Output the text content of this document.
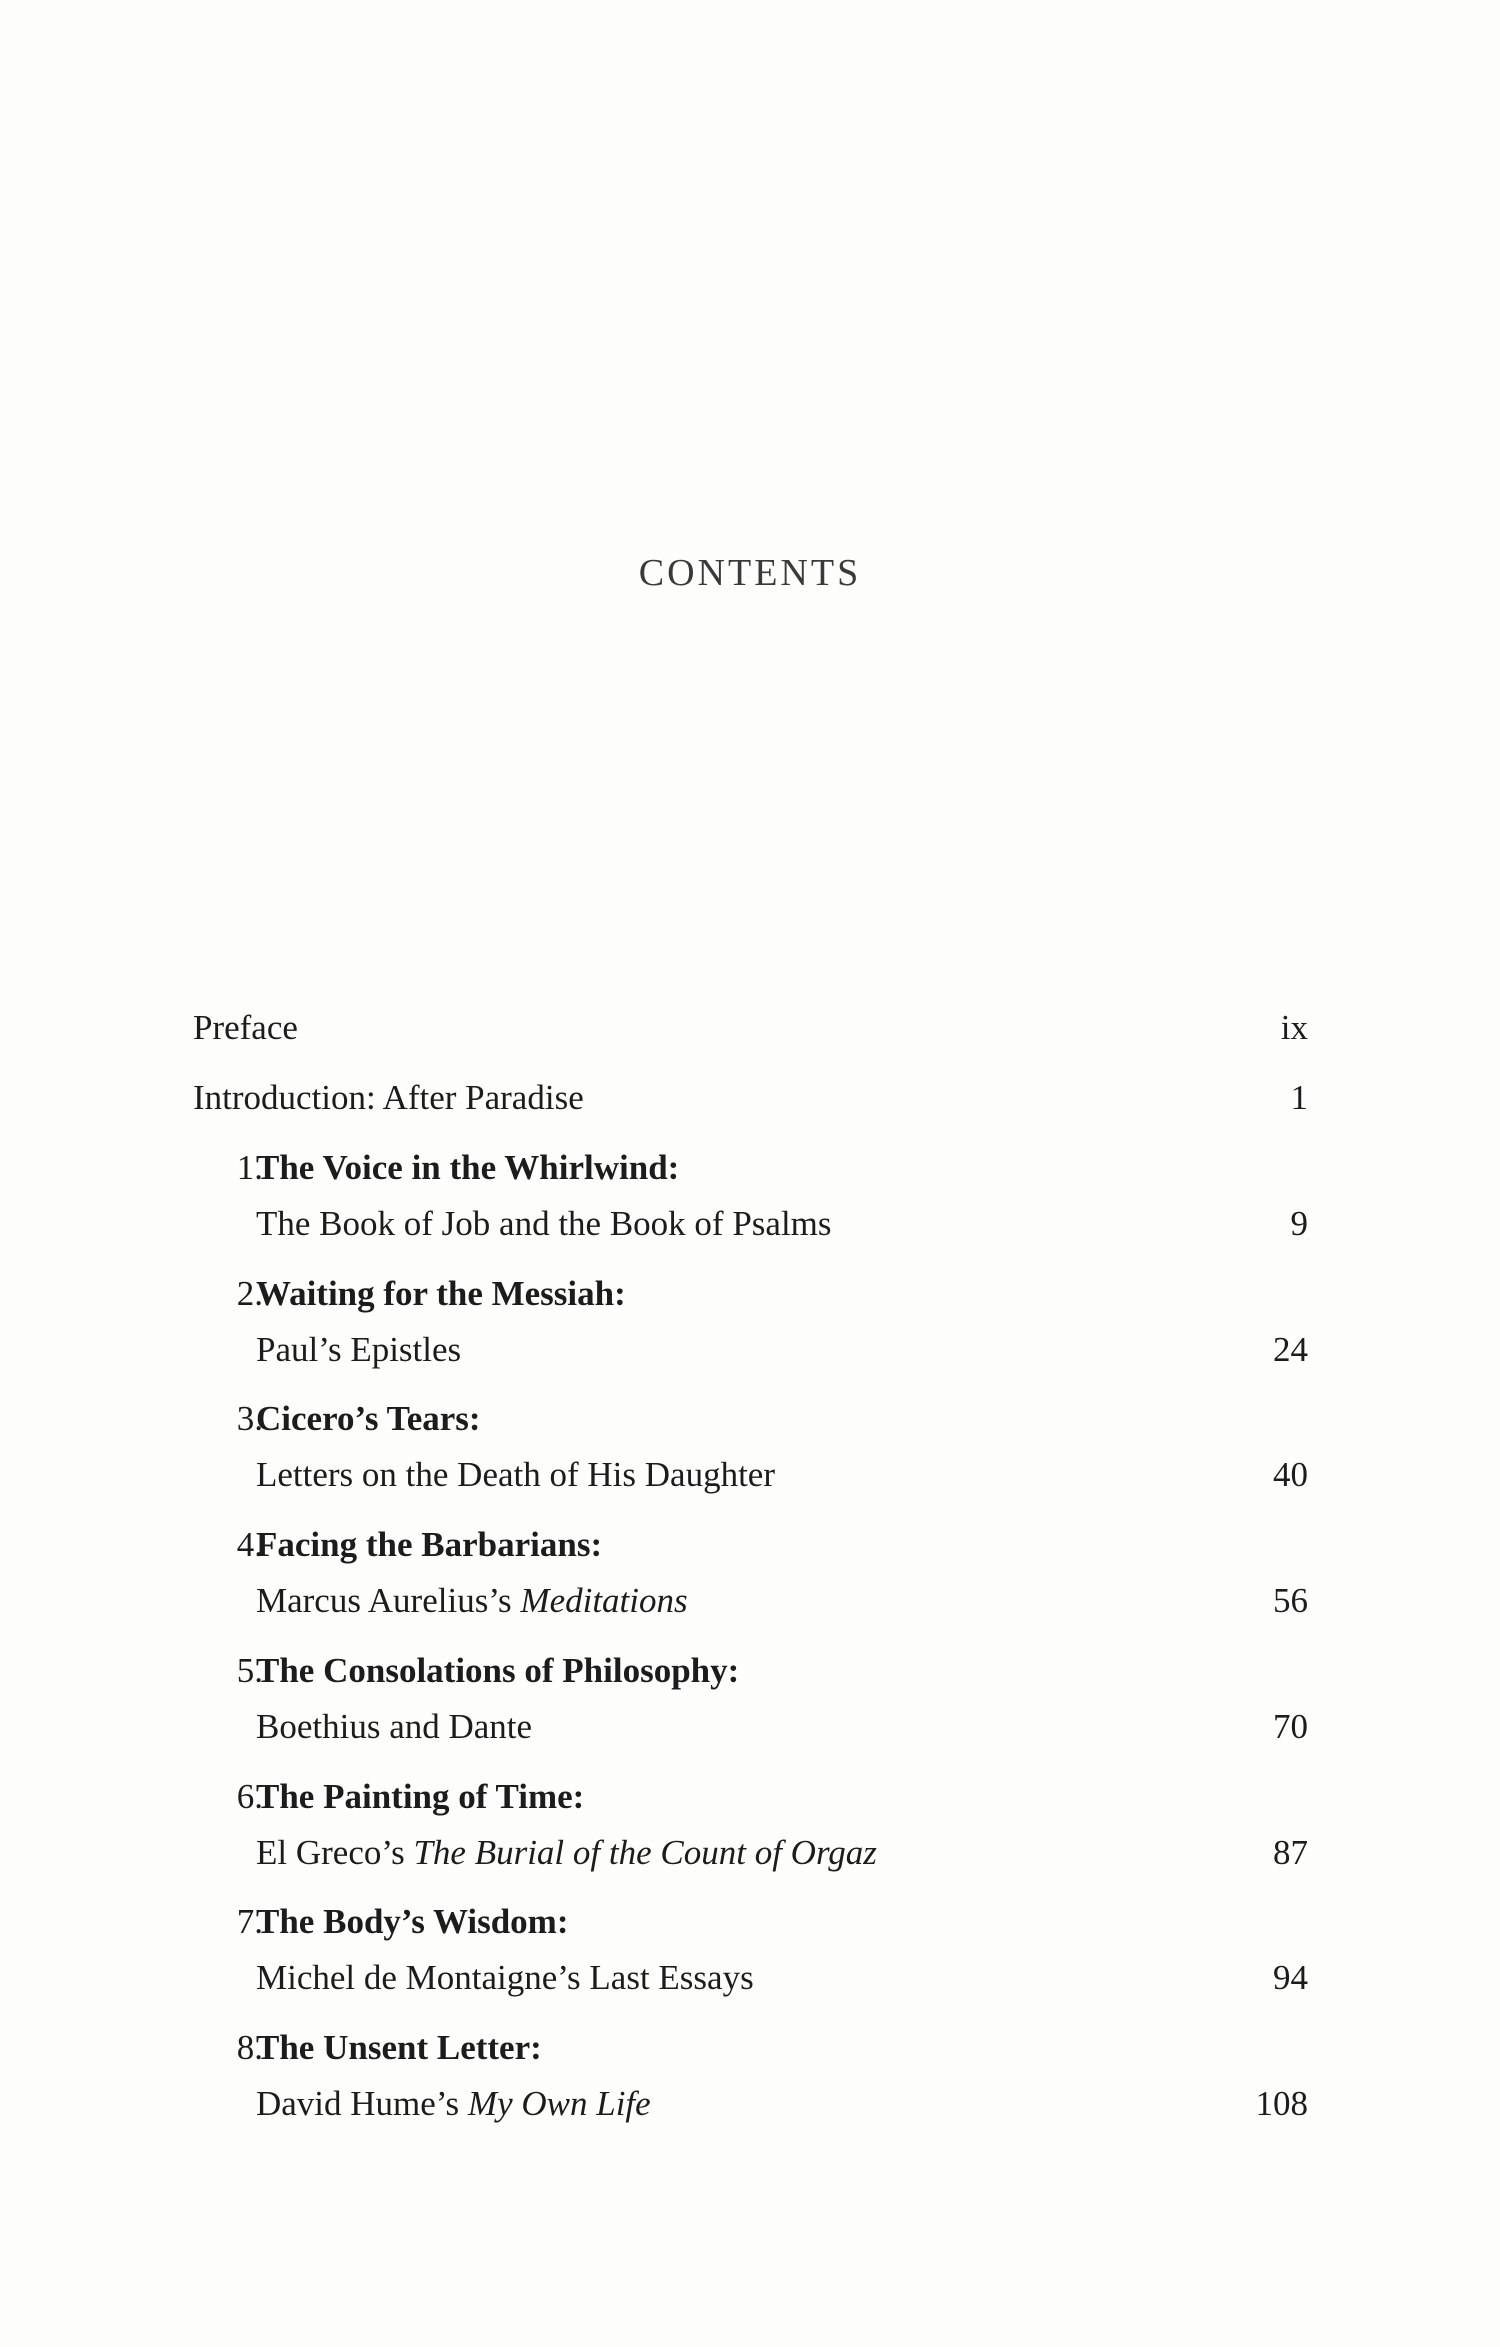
CONTENTS
Preface	ix
Introduction: After Paradise	1
1.
The Voice in the Whirlwind:
The Book of Job and the Book of Psalms	9
2.
Waiting for the Messiah:
Paul’s Epistles	24
3.
Cicero’s Tears:
Letters on the Death of His Daughter	40
4.
Facing the Barbarians:
Marcus Aurelius’s Meditations	56
5.
The Consolations of Philosophy:
Boethius and Dante	70
6.
The Painting of Time:
El Greco’s The Burial of the Count of Orgaz	87
7.
The Body’s Wisdom:
Michel de Montaigne’s Last Essays	94
8.
The Unsent Letter:
David Hume’s My Own Life	108
